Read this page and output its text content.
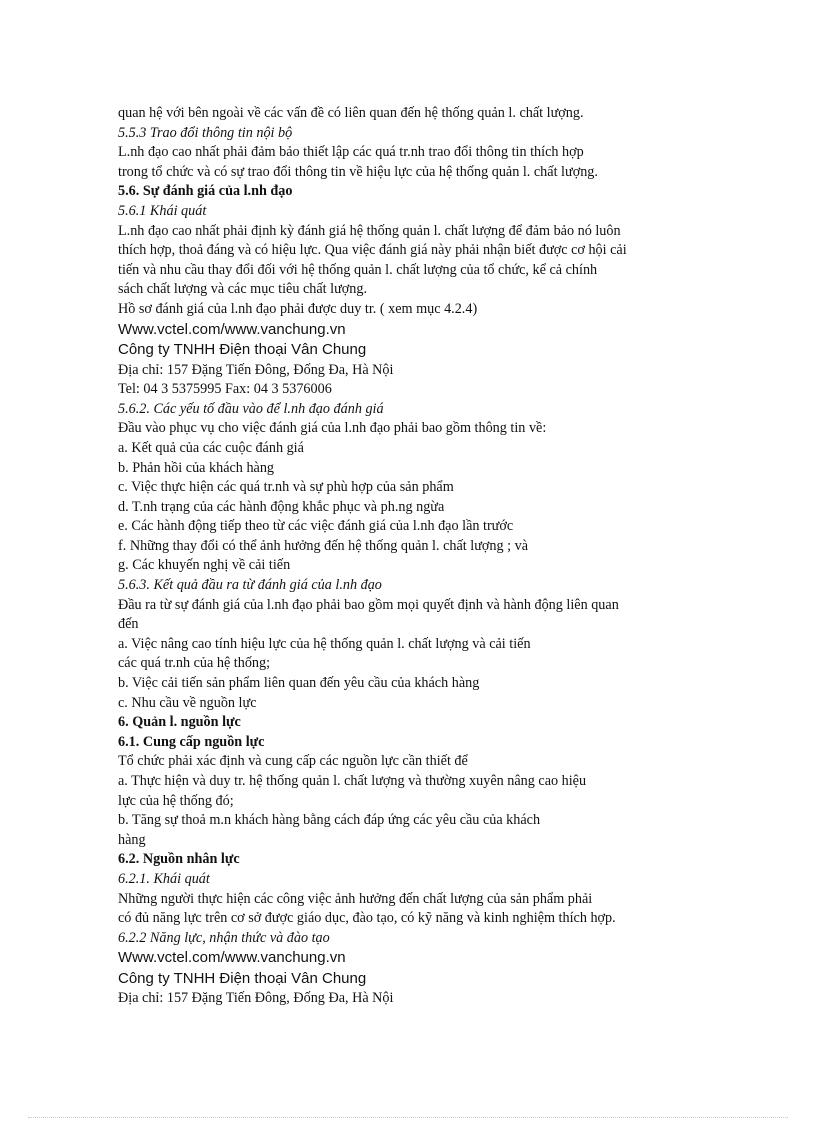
quan hệ với bên ngoài về các vấn đề có liên quan đến hệ thống quản l. chất lượng.
5.5.3 Trao đổi thông tin nội bộ
L.nh đạo cao nhất phải đảm bảo thiết lập các quá tr.nh trao đổi thông tin thích hợp
trong tổ chức và có sự trao đổi thông tin về hiệu lực của hệ thống quản l. chất lượng.
5.6. Sự đánh giá của l.nh đạo
5.6.1 Khái quát
L.nh đạo cao nhất phải định kỳ đánh giá hệ thống quản l. chất lượng để đảm bảo nó luôn
thích hợp, thoả đáng và có hiệu lực. Qua việc đánh giá này phải nhận biết được cơ hội cải
tiến và nhu cầu thay đổi đối với hệ thống quản l. chất lượng của tổ chức, kể cả chính
sách chất lượng và các mục tiêu chất lượng.
Hồ sơ đánh giá của l.nh đạo phải được duy tr. ( xem mục 4.2.4)
Www.vctel.com/www.vanchung.vn
Công ty TNHH Điện thoại Vân Chung
Địa chỉ: 157 Đặng Tiến Đông, Đống Đa, Hà Nội
Tel: 04 3 5375995 Fax: 04 3 5376006
5.6.2. Các yếu tố đầu vào để l.nh đạo đánh giá
Đầu vào phục vụ cho việc đánh giá của l.nh đạo phải bao gồm thông tin về:
a. Kết quả của các cuộc đánh giá
b. Phản hồi của khách hàng
c. Việc thực hiện các quá tr.nh và sự phù hợp của sản phẩm
d. T.nh trạng của các hành động khắc phục và ph.ng ngừa
e. Các hành động tiếp theo từ các việc đánh giá của l.nh đạo lần trước
f. Những thay đổi có thể ảnh hưởng đến hệ thống quản l. chất lượng ; và
g. Các khuyến nghị về cải tiến
5.6.3. Kết quả đầu ra từ đánh giá của l.nh đạo
Đầu ra từ sự đánh giá của l.nh đạo phải bao gồm mọi quyết định và hành động liên quan
đến
a. Việc nâng cao tính hiệu lực của hệ thống quản l. chất lượng và cải tiến
các quá tr.nh của hệ thống;
b. Việc cải tiến sản phẩm liên quan đến yêu cầu của khách hàng
c. Nhu cầu về nguồn lực
6. Quản l. nguồn lực
6.1. Cung cấp nguồn lực
Tổ chức phải xác định và cung cấp các nguồn lực cần thiết để
a. Thực hiện và duy tr. hệ thống quản l. chất lượng và thường xuyên nâng cao hiệu
lực của hệ thống đó;
b. Tăng sự thoả m.n khách hàng bằng cách đáp ứng các yêu cầu của khách
hàng
6.2. Nguồn nhân lực
6.2.1. Khái quát
Những người thực hiện các công việc ảnh hưởng đến chất lượng của sản phẩm phải
có đủ năng lực trên cơ sở được giáo dục, đào tạo, có kỹ năng và kinh nghiệm thích hợp.
6.2.2 Năng lực, nhận thức và đào tạo
Www.vctel.com/www.vanchung.vn
Công ty TNHH Điện thoại Vân Chung
Địa chỉ: 157 Đặng Tiến Đông, Đống Đa, Hà Nội
